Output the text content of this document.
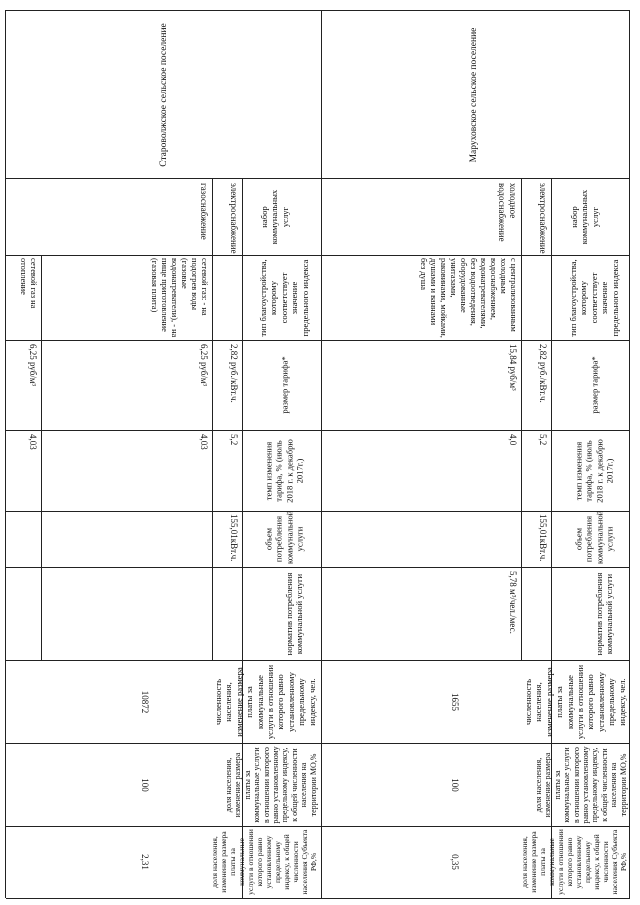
Маруховское сельское поселение
Староволжское сельское поселение
набор коммунальных услуг
тип благоустройства, которому соответствует значение предельного индекса
размер тарифа*
темп изменения тарифа, % (июль 2018 г. к декабрю 2017г.)
объем потребления коммунальной услуги
норматив потребления коммунальной услуги
численность населения, изменение размера платы за коммунальные услуги в отношении которого равно установленному предельному индексу, чел.
доля населения, изменение размера платы за коммунальные услуги в отношении которого равно установленному предельному индексу, к общей численности населения на территории МО,%
доля населения, изменение размера платы за коммунальные услуги в отношении которого равно установленному предельному индексу, к общей численности населения Субъекта РФ,%
электроснабжение
2,82 руб./кВт.ч.
5,2
155,01кВт.ч.
холодное водоснабжение
с централизованным холодным водоснабжением, водонагревателями, без водоотведения, оборудованные унитазами, раковинами, мойками, душами и ваннами без душа
15,84 руб/м³
4,0
5,78 м³/чел./мес.
1655
100
0,35
набор коммунальных услуг
тип благоустройства, которому соответствует значение предельного индекса
размер тарифа*
темп изменения тарифа, % (июль 2018 г. к декабрю 2017г.)
объем потребления коммунальной услуги
норматив потребления коммунальной услуги
численность населения, изменение размера платы за коммунальные услуги в отношении которого равно установленному предельному индексу, чел.
доля населения, изменение размера платы за коммунальные услуги в отношении которого равно установленному предельному индексу, к общей численности населения на территории МО,%
доля населения, изменение размера платы за коммунальные услуги в отношении которого равно установленному предельному индексу, к общей численности населения Субъекта РФ,%
электроснабжение
2,82 руб./кВт.ч.
5,2
155,01кВт.ч.
газоснабжение
сетевой газ: - на подогрев воды (газовые водонагреватели), - на пище приготовление (газовая плита)
6,25 руб/м³
4,03
сетевой газ на отопление
6,25 руб/м³
4,03
10872
100
2,31
